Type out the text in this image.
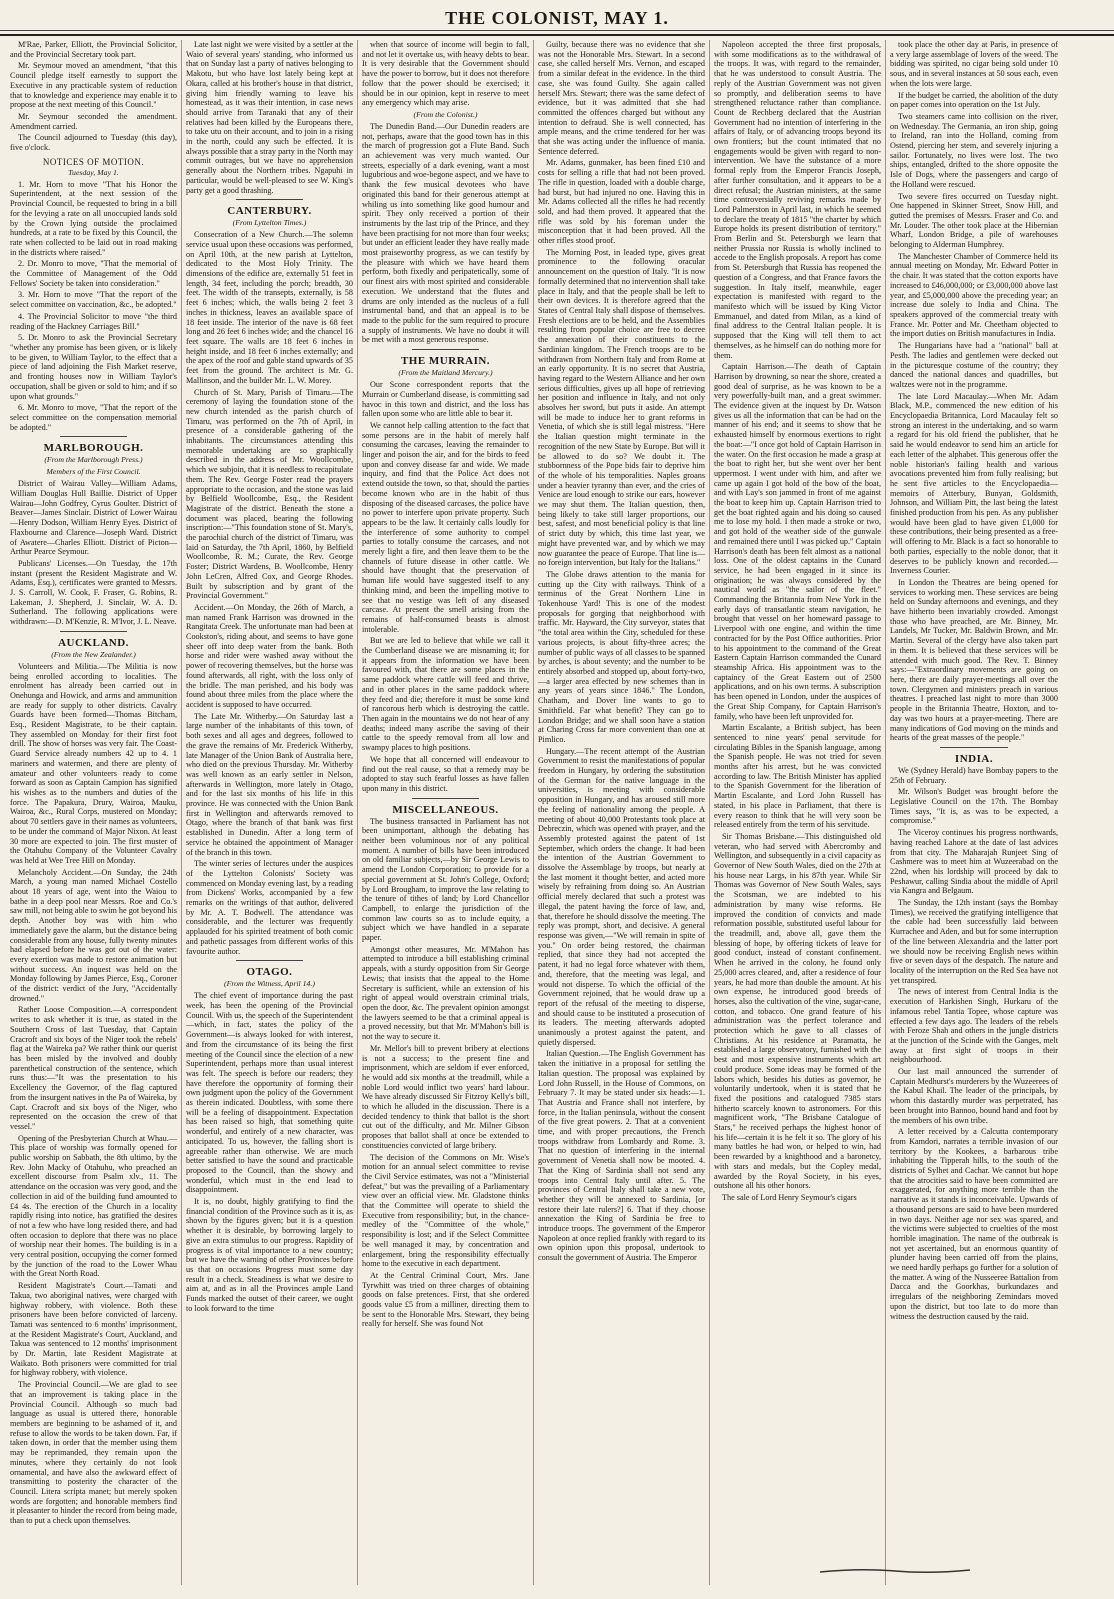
THE COLONIST, MAY 1.

M'Rae, Parker, Elliott, the Provincial Solicitor, and the Provincial Secretary took part.

Mr. Seymour moved an amendment, "that this Council pledge itself earnestly to support the Executive in any practicable system of reduction that to knowledge and experience may enable it to propose at the next meeting of this Council."

Mr. Seymour seconded the amendment. Amendment carried.

The Council adjourned to Tuesday (this day), five o'clock.

NOTICES OF MOTION.
Tuesday, May 1.

1. Mr. Horn to move "That his Honor the Superintendent, at the next session of the Provincial Council, be requested to bring in a bill for the levying a rate on all unoccupied lands sold by the Crown lying outside the proclaimed hundreds, at a rate to be fixed by this Council, the rate when collected to be laid out in road making in the districts where raised."

2. Dr. Monro to move, "That the memorial of the Committee of Management of the Odd Fellows' Society be taken into consideration."

3. Mr. Horn to move "That the report of the select committee on vaccination, &c., be adopted."

4. The Provincial Solicitor to move "the third reading of the Hackney Carriages Bill."

5. Dr. Monro to ask the Provincial Secretary "whether any promise has been given, or is likely to be given, to William Taylor, to the effect that a piece of land adjoining the Fish Market reserve, and fronting houses now in William Taylor's occupation, shall be given or sold to him; and if so upon what grounds."

6. Mr. Monro to move, "That the report of the select committee on the compensation memorial be adopted."

MARLBOROUGH.
(From the Marlborough Press.)
Members of the First Council.

District of Wairau Valley—William Adams, William Douglas Hull Baillie. District of Upper Wairau—John Godfrey, Cyrus Goulter. District of Beaver—James Sinclair. District of Lower Wairau—Henry Dodson, William Henry Eyes. District of Flaxbourne and Clarence—Joseph Ward. District of Awatere—Charles Elliott. District of Picton—Arthur Pearce Seymour.

Publicans' Licenses.—On Tuesday, the 17th instant (present the Resident Magistrate and W. Adams, Esq.), certificates were granted to Messrs. J. S. Carroll, W. Cook, F. Fraser, G. Robins, R. Lakeman, J. Shepherd, J. Sinclair, W. A. D. Sutherland. The following applications were withdrawn:—D. M'Kenzie, R. M'Ivor, J. L. Neave.

AUCKLAND.
(From the New Zealander.)

Volunteers and Militia.—The Militia is now being enrolled according to localities. The enrolment has already been carried out in Onehunga and Howick, and arms and ammunition are ready for supply to other districts. Cavalry Guards have been formed—Thomas Bitcham, Esq., Resident Magistrate, to be their captain. They assembled on Monday for their first foot drill. The show of horses was very fair. The Coast-Guard Service already numbers 42 up to 4. 1 mariners and watermen, and there are plenty of amateur and other volunteers ready to come forward as soon as Captain Campion has signified his wishes as to the numbers and duties of the force. The Papakura, Drury, Wairoa, Mauku, Wairoa, &c., Rural Corps, mustered on Monday; about 70 settlers gave in their names as volunteers, to be under the command of Major Nixon. At least 30 more are expected to join. The first muster of the Otahuhu Company of the Volunteer Cavalry was held at Wee Tree Hill on Monday.

Melancholy Accident.—On Sunday, the 24th March, a young man named Michael Costello about 18 years of age, went into the Waiou to bathe in a deep pool near Messrs. Roe and Co.'s saw mill, not being able to swim he got beyond his depth. Another boy was with him who immediately gave the alarm, but the distance being considerable from any house, fully twenty minutes had elapsed before he was got out of the water: every exertion was made to restore animation but without success. An inquest was held on the Monday following by James Pierce, Esq., Coroner of the district: verdict of the Jury, "Accidentally drowned."

Rather Loose Composition.—A correspondent writes to ask whether it is true, as stated in the Southern Cross of last Tuesday, that Captain Cracroft and six boys of the Niger took the rebels' flag at the Waireka pa? We rather think our querist has been misled by the involved and doubly parenthetical construction of the sentence, which runs thus:—"It was the presentation to his Excellency the Governor, of the flag captured from the insurgent natives in the Pa of Waireka, by Capt. Cracroft and six boys of the Niger, who represented on the occasion the crew of that vessel."

Opening of the Presbyterian Church at Whau.—This place of worship was formally opened for public worship on Sabbath, the 8th ultimo, by the Rev. John Macky of Otahuhu, who preached an excellent discourse from Psalm xlv., 11. The attendance on the occasion was very good, and the collection in aid of the building fund amounted to £4 4s. The erection of the Church in a locality rapidly rising into notice, has gratified the desires of not a few who have long resided there, and had often occasion to deplore that there was no place of worship near their homes. The building is in a very central position, occupying the corner formed by the junction of the road to the Lower Whau with the Great North Road.

Resident Magistrate's Court.—Tamati and Takua, two aboriginal natives, were charged with highway robbery, with violence. Both these prisoners have been before convicted of larceny. Tamati was sentenced to 6 months' imprisonment, at the Resident Magistrate's Court, Auckland, and Takua was sentenced to 12 months' imprisonment by Dr. Martin, late Resident Magistrate at Waikato. Both prisoners were committed for trial for highway robbery, with violence.

The Provincial Council.—We are glad to see that an improvement is taking place in the Provincial Council. Although so much bad language as usual is uttered there, honorable members are beginning to be ashamed of it, and refuse to allow the words to be taken down. Far, if taken down, in order that the member using them may be reprimanded, they remain upon the minutes, where they certainly do not look ornamental, and have also the awkward effect of transmitting to posterity the character of the Council. Litera scripta manet; but merely spoken words are forgotten; and honorable members find it pleasanter to hinder the record from being made, than to put a check upon themselves.

Late last night we were visited by a settler at the Waio of several years' standing, who informed us that on Sunday last a party of natives belonging to Makotu, but who have lost lately being kept at Okara, called at his brother's house in that district, giving him friendly warning to leave his homestead, as it was their intention, in case news should arrive from Taranaki that any of their relatives had been killed by the Europeans there, to take utu on their account, and to join in a rising in the north, could any such be effected. It is always possible that a stray party in the North may commit outrages, but we have no apprehension generally about the Northern tribes. Ngapuhi in particular, would be well-pleased to see W. King's party get a good thrashing.

CANTERBURY.
(From Lyttelton Times.)

Consecration of a New Church.—The solemn service usual upon these occasions was performed, on April 10th, at the new parish at Lyttelton, dedicated to the Most Holy Trinity. The dimensions of the edifice are, externally 51 feet in length, 34 feet, including the porch; breadth, 30 feet. The width of the transepts, externally, is 58 feet 6 inches; which, the walls being 2 feet 3 inches in thickness, leaves an available space of 18 feet inside. The interior of the nave is 68 feet long and 26 feet 6 inches wide; and the chancel 16 feet square. The walls are 18 feet 6 inches in height inside, and 18 feet 6 inches externally; and the apex of the roof and gable stand upwards of 35 feet from the ground. The architect is Mr. G. Mallinson, and the builder Mr. L. W. Morey.

Church of St. Mary, Parish of Timaru.—The ceremony of laying the foundation stone of the new church intended as the parish church of Timaru, was performed on the 7th of April, in presence of a considerable gathering of the inhabitants. The circumstances attending this memorable undertaking are so graphically described in the address of Mr. Woollcombe, which we subjoin, that it is needless to recapitulate them. The Rev. George Foster read the prayers appropriate to the occasion, and the stone was laid by Belfield Woollcombe, Esq., the Resident Magistrate of the district. Beneath the stone a document was placed, bearing the following inscription:—"This foundation stone of St. Mary's, the parochial church of the district of Timaru, was laid on Saturday, the 7th April, 1860, by Belfield Woollcombe, R. M.; Curate, the Rev. George Foster; District Wardens, B. Woollcombe, Henry John LeCren, Alfred Cox, and George Rhodes. Built by subscription and by grant of the Provincial Government."

Accident.—On Monday, the 26th of March, a man named Frank Harrison was drowned in the Rangitata Creek. The unfortunate man had been at Cookston's, riding about, and seems to have gone sheer off into deep water from the bank. Both horse and rider were washed away without the power of recovering themselves, but the horse was found afterwards, all right, with the loss only of the bridle. The man perished, and his body was found about three miles from the place where the accident is supposed to have occurred.

The Late Mr. Witherby.—On Saturday last a large number of the inhabitants of this town, of both sexes and all ages and degrees, followed to the grave the remains of Mr. Frederick Witherby, late Manager of the Union Bank of Australia here, who died on the previous Thursday. Mr. Witherby was well known as an early settler in Nelson, afterwards in Wellington, more lately in Otago, and for the last six months of his life in this province. He was connected with the Union Bank first in Wellington and afterwards removed to Otago, where the branch of that bank was first established in Dunedin. After a long term of service he obtained the appointment of Manager of the branch in this town.

The winter series of lectures under the auspices of the Lyttelton Colonists' Society was commenced on Monday evening last, by a reading from Dickens' Works, accompanied by a few remarks on the writings of that author, delivered by Mr. A. T. Bodwell. The attendance was considerable, and the lecturer was frequently applauded for his spirited treatment of both comic and pathetic passages from different works of this favourite author.

OTAGO.
(From the Witness, April 14.)

The chief event of importance during the past week, has been the opening of the Provincial Council. With us, the speech of the Superintendent—which, in fact, states the policy of the Government—is always looked for with interest, and from the circumstance of its being the first meeting of the Council since the election of a new Superintendent, perhaps more than usual interest was felt. The speech is before our readers; they have therefore the opportunity of forming their own judgment upon the policy of the Government as therein indicated. Doubtless, with some there will be a feeling of disappointment. Expectation has been raised so high, that something quite wonderful, and entirely of a new character, was anticipated. To us, however, the falling short is agreeable rather than otherwise. We are much better satisfied to have the sound and practicable proposed to the Council, than the showy and wonderful, which must in the end lead to disappointment.

It is, no doubt, highly gratifying to find the financial condition of the Province such as it is, as shown by the figures given; but it is a question whether it is desirable, by borrowing largely to give an extra stimulus to our progress. Rapidity of progress is of vital importance to a new country; but we have the warning of other Provinces before us that on occasions Progress must some day result in a check. Steadiness is what we desire to aim at, and as in all the Provinces ample Land Funds marked the outset of their career, we ought to look forward to the time

when that source of income will begin to fall, and not let it overtake us, with heavy debts to bear. It is very desirable that the Government should have the power to borrow, but it does not therefore follow that the power should be exercised; it should be in our opinion, kept in reserve to meet any emergency which may arise.

(From the Colonist.)

The Dunedin Band.—Our Dunedin readers are not, perhaps, aware that the good town has in this the march of progression got a Flute Band. Such an achievement was very much wanted. Our streets, especially of a dark evening, want a most lugubrious and woe-begone aspect, and we have to thank the few musical devotees who have originated this band for their generous attempt at whiling us into something like good humour and spirit. They only received a portion of their instruments by the last trip of the Prince, and they have been practising for not more than four weeks; but under an efficient leader they have really made most praiseworthy progress, as we can testify by the pleasure with which we have heard them perform, both fixedly and peripatetically, some of our finest airs with most spirited and considerable execution. We understand that the flutes and drums are only intended as the nucleus of a full instrumental band, and that an appeal is to be made to the public for the sum required to procure a supply of instruments. We have no doubt it will be met with a most generous response.

THE MURRAIN.
(From the Maitland Mercury.)

Our Scone correspondent reports that the Murrain or Cumberland disease, is committing sad havoc in this town and district, and the loss has fallen upon some who are little able to bear it.

We cannot help calling attention to the fact that some persons are in the habit of merely half consuming the carcases, leaving the remainder to linger and poison the air, and for the birds to feed upon and convey disease far and wide. We made inquiry, and find that the Police Act does not extend outside the town, so that, should the parties become known who are in the habit of thus disposing of the diseased carcases, the police have no power to interfere upon private property. Such appears to be the law. It certainly calls loudly for the interference of some authority to compel parties to totally consume the carcases, and not merely light a fire, and then leave them to be the channels of future disease in other cattle. We should have thought that the preservation of human life would have suggested itself to any thinking mind, and been the impelling motive to see that no vestige was left of any diseased carcase. At present the smell arising from the remains of half-consumed beasts is almost intolerable.

But we are led to believe that while we call it the Cumberland disease we are misnaming it; for it appears from the information we have been favoured with, that there are some places in the same paddock where cattle will feed and thrive, and in other places in the same paddock where they feed and die; therefore it must be some kind of rancorous herb which is destroying the cattle. Then again in the mountains we do not hear of any deaths; indeed many ascribe the saving of their cattle to the speedy removal from all low and swampy places to high positions.

We hope that all concerned will endeavour to find out the real cause, so that a remedy may be adopted to stay such fearful losses as have fallen upon many in this district.

MISCELLANEOUS.

The business transacted in Parliament has not been unimportant, although the debating has neither been voluminous nor of any political moment. A number of bills have been introduced on old familiar subjects,—by Sir George Lewis to amend the London Corporation; to provide for a special government at St. John's College, Oxford; by Lord Brougham, to improve the law relating to the tenure of tithes of land; by Lord Chancellor Campbell, to enlarge the jurisdiction of the common law courts so as to include equity, a subject which we have handled in a separate paper.

Amongst other measures, Mr. M'Mahon has attempted to introduce a bill establishing criminal appeals, with a sturdy opposition from Sir George Lewis; that insists that the appeal to the Home Secretary is sufficient, while an extension of his right of appeal would overstrain criminal trials, open the door, &c. The prevalent opinion amongst the lawyers seemed to be that a criminal appeal is a proved necessity, but that Mr. M'Mahon's bill is not the way to secure it.

Mr. Mellor's bill to prevent bribery at elections is not a success; to the present fine and imprisonment, which are seldom if ever enforced, he would add six months at the treadmill, while a noble Lord would inflict two years' hard labour. We have already discussed Sir Fitzroy Kelly's bill, to which he alluded in the discussion. There is a decided tendency to think that ballot is the short cut out of the difficulty, and Mr. Milner Gibson proposes that ballot shall at once be extended to constituencies convicted of large bribery.

The decision of the Commons on Mr. Wise's motion for an annual select committee to revise the Civil Service estimates, was not a "Ministerial defeat," but was the prevailing of a Parliamentary view over an official view. Mr. Gladstone thinks that the Committee will operate to shield the Executive from responsibility; but, in the chance-medley of the "Committee of the whole," responsibility is lost; and if the Select Committee be well managed it may, by concentration and enlargement, bring the responsibility effectually home to the executive in each department.

At the Central Criminal Court, Mrs. Jane Tyrwhitt was tried on three charges of obtaining goods on false pretences. First, that she ordered goods value £5 from a milliner, directing them to be sent to the Honorable Mrs. Stewart, they being really for herself. She was found Not

Guilty, because there was no evidence that she was not the Honorable Mrs. Stewart. In a second case, she called herself Mrs. Vernon, and escaped from a similar defeat in the evidence. In the third case, she was found Guilty. She again called herself Mrs. Stewart; there was the same defect of evidence, but it was admitted that she had committed the offences charged but without any intention to defraud. She is well connected, has ample means, and the crime tendered for her was that she was acting under the influence of mania. Sentence deferred.

Mr. Adams, gunmaker, has been fined £10 and costs for selling a rifle that had not been proved. The rifle in question, loaded with a double charge, had burst, but had injured no one. Having this in Mr. Adams collected all the rifles he had recently sold, and had them proved. It appeared that the rifle was sold by his foreman under the misconception that it had been proved. All the other rifles stood proof.

The Morning Post, in leaded type, gives great prominence to the following oracular announcement on the question of Italy. "It is now formally determined that no intervention shall take place in Italy, and that the people shall be left to their own devices. It is therefore agreed that the States of Central Italy shall dispose of themselves. Fresh elections are to be held, and the Assemblies resulting from popular choice are free to decree the annexation of their constituents to the Sardinian kingdom. The French troops are to be withdrawn from Northern Italy and from Rome at an early opportunity. It is no secret that Austria, having regard to the Western Alliance and her own serious difficulties, gives up all hope of retrieving her position and influence in Italy, and not only absolves her sword, but puts it aside. An attempt will be made to induce her to grant reforms in Venetia, of which she is still legal mistress. "Here the Italian question might terminate in the recognition of the new State by Europe. But will it be allowed to do so? We doubt it. The stubbornness of the Pope bids fair to deprive him of the whole of his temporalities. Naples groans under a heavier tyranny than ever, and the cries of Venice are loud enough to strike our ears, however we may shut them. The Italian question, then, being likely to take still larger proportions, our best, safest, and most beneficial policy is that line of strict duty by which, this time last year, we might have prevented war, and by which we may now guarantee the peace of Europe. That line is—no foreign intervention, but Italy for the Italians."

The Globe draws attention to the mania for cutting up the City with railways. Think of a terminus of the Great Northern Line in Tokenhouse Yard! This is one of the modest proposals for gorging that neighborhood with traffic. Mr. Hayward, the City surveyor, states that "the total area within the City, scheduled for these various projects, is about fifty-three acres; the number of public ways of all classes to be spanned by arches, is about seventy; and the number to be entirely absorbed and stopped up, about forty-two,—a larger area effected by new schemes than in any years of years since 1846." The London, Chatham, and Dover line wants to go to Smithfield. Far what benefit? They can go to London Bridge; and we shall soon have a station at Charing Cross far more convenient than one at Pimlico.

Hungary.—The recent attempt of the Austrian Government to resist the manifestations of popular freedom in Hungary, by ordering the substitution of the German for the native language in the universities, is meeting with considerable opposition in Hungary, and has aroused still more the feeling of nationality among the people. A meeting of about 40,000 Protestants took place at Debreczin, which was opened with prayer, and the Assembly protested against the patent of 1st September, which orders the change. It had been the intention of the Austrian Government to dissolve the Assemblage by troops, but nearly at the last moment it thought better, and acted more wisely by refraining from doing so. An Austrian official merely declared that such a protest was illegal, the patent having the force of law, and, that, therefore he should dissolve the meeting. The reply was prompt, short, and decisive. A general response was given,—"We will remain in spite of you." On order being restored, the chairman replied, that since they had not accepted the patent, it had no legal force whatever with them, and, therefore, that the meeting was legal, and would not disperse. To which the official of the Government rejoined, that he would draw up a report of the refusal of the meeting to disperse, and should cause to be instituted a prosecution of its leaders. The meeting afterwards adopted unanimously a protest against the patent, and quietly dispersed.

Italian Question.—The English Government has taken the initiative in a proposal for settling the Italian question. The proposal was explained by Lord John Russell, in the House of Commons, on February 7. It may be stated under six heads:—1. That Austria and France shall not interfere, by force, in the Italian peninsula, without the consent of the five great powers. 2. That at a convenient time, and with proper precautions, the French troops withdraw from Lombardy and Rome. 3. That no question of interfering in the internal government of Venetia shall now be mooted. 4. That the King of Sardinia shall not send any troops into Central Italy until after. 5. The provinces of Central Italy shall take a new vote, whether they will be annexed to Sardinia, [or restore their late rulers?] 6. That if they choose annexation the King of Sardinia be free to introduce troops. The government of the Emperor Napoleon at once replied frankly with regard to its own opinion upon this proposal, undertook to consult the government of Austria. The Emperor

Napoleon accepted the three first proposals, with some modifications as to the withdrawal of the troops. It was, with regard to the remainder, that he was understood to consult Austria. The reply of the Austrian Government was not given so promptly, and deliberation seems to have strengthened reluctance rather than compliance. Count de Rechberg declared that the Austrian Government had no intention of interfering in the affairs of Italy, or of advancing troops beyond its own frontiers; but the count intimated that no engagements would be given with regard to non-intervention. We have the substance of a more formal reply from the Emperor Francis Joseph, after further consultation, and it appears to be a direct refusal; the Austrian ministers, at the same time controversially reviving remarks made by Lord Palmerston in April last, in which he seemed to declare the treaty of 1815 "the charter by which Europe holds its present distribution of territory." From Berlin and St. Petersburgh we learn that neither Prussia nor Russia is wholly inclined to accede to the English proposals. A report has come from St. Petersburgh that Russia has reopened the question of a Congress, and that France favors the suggestion. In Italy itself, meanwhile, eager expectation is manifested with regard to the manifesto which will be issued by King Victor Emmanuel, and dated from Milan, as a kind of final address to the Central Italian people. It is supposed that the King will tell them to act themselves, as he himself can do nothing more for them.

Captain Harrison.—The death of Captain Harrison by drowning, so near the shore, created a good deal of surprise, as he was known to be a very powerfully-built man, and a great swimmer. The evidence given at the inquest by Dr. Watson gives us all the information that can be had on the manner of his end; and it seems to show that he exhausted himself by enormous exertions to right the boat:—"I once got hold of Captain Harrison in the water. On the first occasion he made a grasp at the boat to right her, but she went over her bent uppermost. I went under with him, and after we came up again I got hold of the bow of the boat, and with Lay's son jammed in front of me against the boat to keep him up. Captain Harrison tried to get the boat righted again and his doing so caused me to lose my hold. I then made a stroke or two, and got hold of the weather side of the gunwale and remained there until I was picked up." Captain Harrison's death has been felt almost as a national loss. One of the oldest captains in the Cunard service, he had been engaged in it since its origination; he was always considered by the nautical world as "the sailor of the fleet." Commanding the Britannia from New York in the early days of transatlantic steam navigation, he brought that vessel on her homeward passage to Liverpool with one engine, and within the time contracted for by the Post Office authorities. Prior to his appointment to the command of the Great Eastern Captain Harrison commanded the Cunard steamship Africa. His appointment was to the captaincy of the Great Eastern out of 2500 applications, and on his own terms. A subscription has been opened in London, under the auspices of the Great Ship Company, for Captain Harrison's family, who have been left unprovided for.

Martin Escalante, a British subject, has been sentenced to nine years' penal servitude for circulating Bibles in the Spanish language, among the Spanish people. He was not tried for seven months after his arrest, but he was convicted according to law. The British Minister has applied to the Spanish Government for the liberation of Martin Escalante, and Lord John Russell has stated, in his place in Parliament, that there is every reason to think that he will very soon be released entirely from the term of his servitude.

Sir Thomas Brisbane.—This distinguished old veteran, who had served with Abercromby and Wellington, and subsequently in a civil capacity as Governor of New South Wales, died on the 27th at his house near Largs, in his 87th year. While Sir Thomas was Governor of New South Wales, says the Scotsman, we are indebted to his administration by many wise reforms. He improved the condition of convicts and made reformation possible, substituted useful labour for the treadmill, and, above all, gave them the blessing of hope, by offering tickets of leave for good conduct, instead of constant confinement. When he arrived in the colony, he found only 25,000 acres cleared, and, after a residence of four years, he had more than double the amount. At his own expense, he introduced good breeds of horses, also the cultivation of the vine, sugar-cane, cotton, and tobacco. One grand feature of his administration was the perfect tolerance and protection which he gave to all classes of Christians. At his residence at Paramatta, he established a large observatory, furnished with the best and most expensive instruments which art could produce. Some ideas may be formed of the labors which, besides his duties as governor, he voluntarily undertook, when it is stated that he fixed the positions and catalogued 7385 stars hitherto scarcely known to astronomers. For this magnificent work, "The Brisbane Catalogue of Stars," he received perhaps the highest honor of his life—certain it is he felt it so. The glory of his many battles he had won, or helped to win, had been rewarded by a knighthood and a baronetcy, with stars and medals, but the Copley medal, awarded by the Royal Society, in his eyes, outshone all his other honors.

The sale of Lord Henry Seymour's cigars

took place the other day at Paris, in presence of a very large assemblage of lovers of the weed. The bidding was spirited, no cigar being sold under 10 sous, and in several instances at 50 sous each, even when the lots were large.

If the budget be carried, the abolition of the duty on paper comes into operation on the 1st July.

Two steamers came into collision on the river, on Wednesday. The Germania, an iron ship, going to Ireland, ran into the Holland, coming from Ostend, piercing her stem, and severely injuring a sailor. Fortunately, no lives were lost. The two ships, entangled, drifted to the shore opposite the Isle of Dogs, where the passengers and cargo of the Holland were rescued.

Two severe fires occurred on Tuesday night. One happened in Skinner Street, Snow Hill, and gutted the premises of Messrs. Fraser and Co. and Mr. Louder. The other took place at the Hibernian Wharf, London Bridge, a pile of warehouses belonging to Alderman Humphrey.

The Manchester Chamber of Commerce held its annual meeting on Monday, Mr. Edward Potter in the chair. It was stated that the cotton exports have increased to £46,000,000; or £3,000,000 above last year, and £5,000,000 above the preceding year; an increase due solely to India and China. The speakers approved of the commercial treaty with France. Mr. Potter and Mr. Cheetham objected to the import duties on British manufactures in India.

The Hungarians have had a "national" ball at Pesth. The ladies and gentlemen were decked out in the picturesque costume of the country; they danced the national dances and quadrilles, but waltzes were not in the programme.

The late Lord Macaulay.—When Mr. Adam Black, M.P., commenced the new edition of his Encyclopaedia Britannica, Lord Macaulay felt so strong an interest in the undertaking, and so warm a regard for his old friend the publisher, that he said he would endeavor to send him an article for each letter of the alphabet. This generous offer the noble historian's failing health and various avocations prevented him from fully realising; but he sent five articles to the Encyclopaedia—memoirs of Atterbury, Bunyan, Goldsmith, Johnson, and William Pitt, the last being the latest finished production from his pen. As any publisher would have been glad to have given £1,000 for these contributions, their being presented as a free-will offering to Mr. Black is a fact so honorable to both parties, especially to the noble donor, that it deserves to be publicly known and recorded.—Inverness Courier.

In London the Theatres are being opened for services to working men. These services are being held on Sunday afternoons and evenings, and they have hitherto been invariably crowded. Amongst those who have preached, are Mr. Binney, Mr. Landels, Mr Tucker, Mr. Baldwin Brown, and Mr. Martin. Several of the clergy have also taken part in them. It is believed that these services will be attended with much good. The Rev. T. Binney says:—"Extraordinary movements are going on here, there are daily prayer-meetings all over the town. Clergymen and ministers preach in various theatres. I preached last night to more than 3000 people in the Britannia Theatre, Hoxton, and to-day was two hours at a prayer-meeting. There are many indications of God moving on the minds and hearts of the great masses of the people."

INDIA.

We (Sydney Herald) have Bombay papers to the 25th of February.

Mr. Wilson's Budget was brought before the Legislative Council on the 17th. The Bombay Times says, "It is, as was to be expected, a compromise."

The Viceroy continues his progress northwards, having reached Lahore at the date of last advices from that city. The Maharajah Runjeet Sing of Cashmere was to meet him at Wuzeerabad on the 22nd, when his lordship will proceed by dak to Peshawur, calling Sindia about the middle of April via Kangra and Belgaum.

The Sunday, the 12th instant (says the Bombay Times), we received the gratifying intelligence that the cable had been successfully laid between Kurrachee and Aden, and but for some interruption of the line between Alexandria and the latter port we should now be receiving English news within five or seven days of the despatch. The nature and locality of the interruption on the Red Sea have not yet transpired.

The news of interest from Central India is the execution of Harkishen Singh, Hurkaru of the infamous rebel Tantia Topee, whose capture was effected a few days ago. The leaders of the rebels with Feroze Shah and others in the jungle districts at the junction of the Scinde with the Ganges, melt away at first sight of troops in their neighbourhood.

Our last mail announced the surrender of Captain Medhurst's murderers by the Wuzeerees of the Kabul Khail. The leader of the principals, by whom this dastardly murder was perpetrated, has been brought into Bannoo, bound hand and foot by the members of his own tribe.

A letter received by a Calcutta contemporary from Kamdori, narrates a terrible invasion of our territory by the Kookees, a barbarous tribe inhabiting the Tipperah hills, to the south of the districts of Sylhet and Cachar. We cannot but hope that the atrocities said to have been committed are exaggerated, for anything more terrible than the narrative as it stands is inconceivable. Upwards of a thousand persons are said to have been murdered in two days. Neither age nor sex was spared, and the victims were subjected to cruelties of the most horrible imagination. The name of the outbreak is not yet ascertained, but an enormous quantity of plunder having been carried off from the plains, we need hardly perhaps go further for a solution of the matter. A wing of the Nusseeree Battalion from Dacca and the Goorkhas, burkundazes and irregulars of the neighboring Zemindars moved upon the district, but too late to do more than witness the destruction caused by the raid.
